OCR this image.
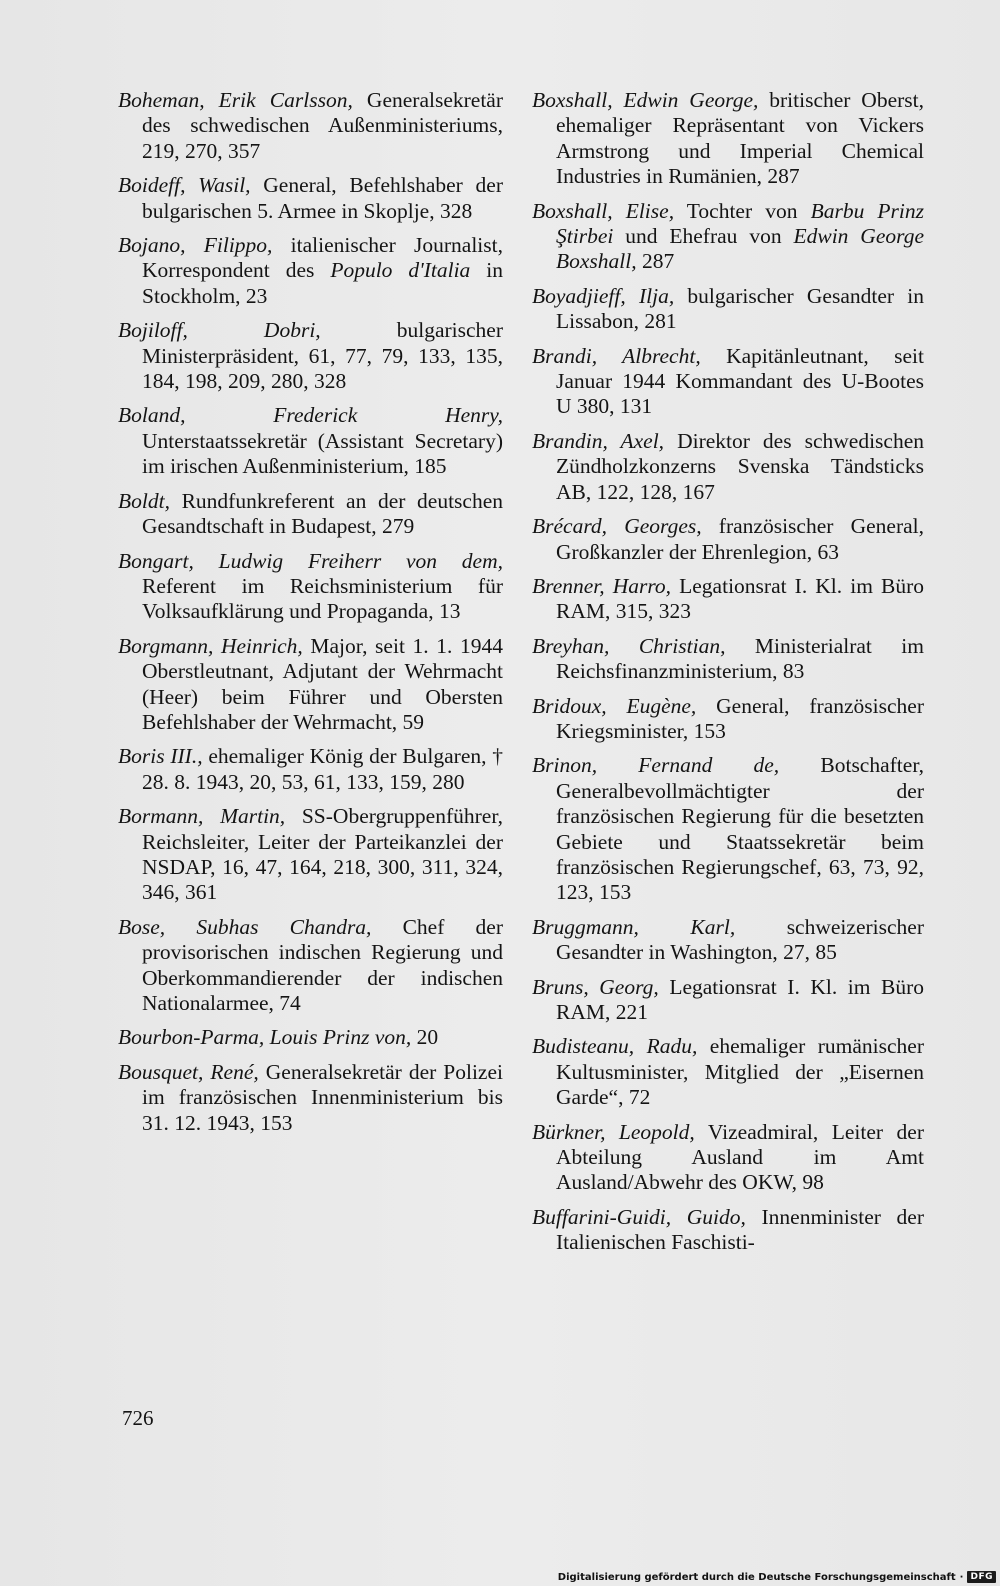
Boheman, Erik Carlsson, Generalsekretär des schwedischen Außenministeriums, 219, 270, 357
Boideff, Wasil, General, Befehlshaber der bulgarischen 5. Armee in Skoplje, 328
Bojano, Filippo, italienischer Journalist, Korrespondent des Populo d'Italia in Stockholm, 23
Bojiloff, Dobri, bulgarischer Ministerpräsident, 61, 77, 79, 133, 135, 184, 198, 209, 280, 328
Boland, Frederick Henry, Unterstaatssekretär (Assistant Secretary) im irischen Außenministerium, 185
Boldt, Rundfunkreferent an der deutschen Gesandtschaft in Budapest, 279
Bongart, Ludwig Freiherr von dem, Referent im Reichsministerium für Volksaufklärung und Propaganda, 13
Borgmann, Heinrich, Major, seit 1. 1. 1944 Oberstleutnant, Adjutant der Wehrmacht (Heer) beim Führer und Obersten Befehlshaber der Wehrmacht, 59
Boris III., ehemaliger König der Bulgaren, † 28. 8. 1943, 20, 53, 61, 133, 159, 280
Bormann, Martin, SS-Obergruppenführer, Reichsleiter, Leiter der Parteikanzlei der NSDAP, 16, 47, 164, 218, 300, 311, 324, 346, 361
Bose, Subhas Chandra, Chef der provisorischen indischen Regierung und Oberkommandierender der indischen Nationalarmee, 74
Bourbon-Parma, Louis Prinz von, 20
Bousquet, René, Generalsekretär der Polizei im französischen Innenministerium bis 31. 12. 1943, 153
Boxshall, Edwin George, britischer Oberst, ehemaliger Repräsentant von Vickers Armstrong und Imperial Chemical Industries in Rumänien, 287
Boxshall, Elise, Tochter von Barbu Prinz Ştirbei und Ehefrau von Edwin George Boxshall, 287
Boyadjieff, Ilja, bulgarischer Gesandter in Lissabon, 281
Brandi, Albrecht, Kapitänleutnant, seit Januar 1944 Kommandant des U-Bootes U 380, 131
Brandin, Axel, Direktor des schwedischen Zündholzkonzerns Svenska Tändsticks AB, 122, 128, 167
Brécard, Georges, französischer General, Großkanzler der Ehrenlegion, 63
Brenner, Harro, Legationsrat I. Kl. im Büro RAM, 315, 323
Breyhan, Christian, Ministerialrat im Reichsfinanzministerium, 83
Bridoux, Eugène, General, französischer Kriegsminister, 153
Brinon, Fernand de, Botschafter, Generalbevollmächtigter der französischen Regierung für die besetzten Gebiete und Staatssekretär beim französischen Regierungschef, 63, 73, 92, 123, 153
Bruggmann, Karl, schweizerischer Gesandter in Washington, 27, 85
Bruns, Georg, Legationsrat I. Kl. im Büro RAM, 221
Budisteanu, Radu, ehemaliger rumänischer Kultusminister, Mitglied der „Eisernen Garde“, 72
Bürkner, Leopold, Vizeadmiral, Leiter der Abteilung Ausland im Amt Ausland/Abwehr des OKW, 98
Buffarini-Guidi, Guido, Innenminister der Italienischen Faschisti-
726
Digitalisierung gefördert durch die Deutsche Forschungsgemeinschaft · DFG
